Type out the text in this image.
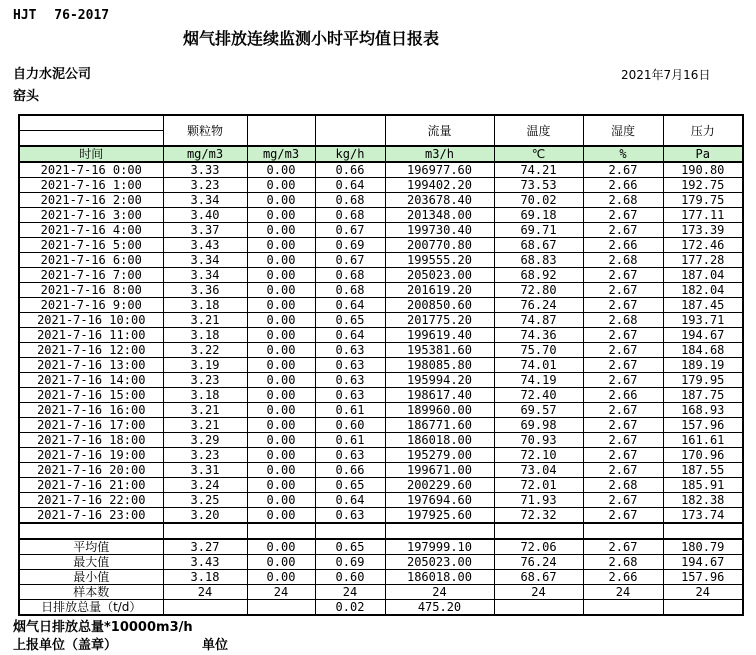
HJT 76-2017
烟气排放连续监测小时平均值日报表
自力水泥公司	2021年7月16日
窑头
	颗粒物			流量	温度	湿度	压力

时间	mg/m3	mg/m3	kg/h	m3/h	℃	%	Pa
2021-7-16 0:00	3.33	0.00	0.66	196977.60	74.21	2.67	190.80
2021-7-16 1:00	3.23	0.00	0.64	199402.20	73.53	2.66	192.75
2021-7-16 2:00	3.34	0.00	0.68	203678.40	70.02	2.68	179.75
2021-7-16 3:00	3.40	0.00	0.68	201348.00	69.18	2.67	177.11
2021-7-16 4:00	3.37	0.00	0.67	199730.40	69.71	2.67	173.39
2021-7-16 5:00	3.43	0.00	0.69	200770.80	68.67	2.66	172.46
2021-7-16 6:00	3.34	0.00	0.67	199555.20	68.83	2.68	177.28
2021-7-16 7:00	3.34	0.00	0.68	205023.00	68.92	2.67	187.04
2021-7-16 8:00	3.36	0.00	0.68	201619.20	72.80	2.67	182.04
2021-7-16 9:00	3.18	0.00	0.64	200850.60	76.24	2.67	187.45
2021-7-16 10:00	3.21	0.00	0.65	201775.20	74.87	2.68	193.71
2021-7-16 11:00	3.18	0.00	0.64	199619.40	74.36	2.67	194.67
2021-7-16 12:00	3.22	0.00	0.63	195381.60	75.70	2.67	184.68
2021-7-16 13:00	3.19	0.00	0.63	198085.80	74.01	2.67	189.19
2021-7-16 14:00	3.23	0.00	0.63	195994.20	74.19	2.67	179.95
2021-7-16 15:00	3.18	0.00	0.63	198617.40	72.40	2.66	187.75
2021-7-16 16:00	3.21	0.00	0.61	189960.00	69.57	2.67	168.93
2021-7-16 17:00	3.21	0.00	0.60	186771.60	69.98	2.67	157.96
2021-7-16 18:00	3.29	0.00	0.61	186018.00	70.93	2.67	161.61
2021-7-16 19:00	3.23	0.00	0.63	195279.00	72.10	2.67	170.96
2021-7-16 20:00	3.31	0.00	0.66	199671.00	73.04	2.67	187.55
2021-7-16 21:00	3.24	0.00	0.65	200229.60	72.01	2.68	185.91
2021-7-16 22:00	3.25	0.00	0.64	197694.60	71.93	2.67	182.38
2021-7-16 23:00	3.20	0.00	0.63	197925.60	72.32	2.67	173.74

平均值	3.27	0.00	0.65	197999.10	72.06	2.67	180.79
最大值	3.43	0.00	0.69	205023.00	76.24	2.68	194.67
最小值	3.18	0.00	0.60	186018.00	68.67	2.66	157.96
样本数	24	24	24	24	24	24	24
日排放总量（t/d）			0.02	475.20			
烟气日排放总量*10000m3/h
上报单位（盖章）	单位
